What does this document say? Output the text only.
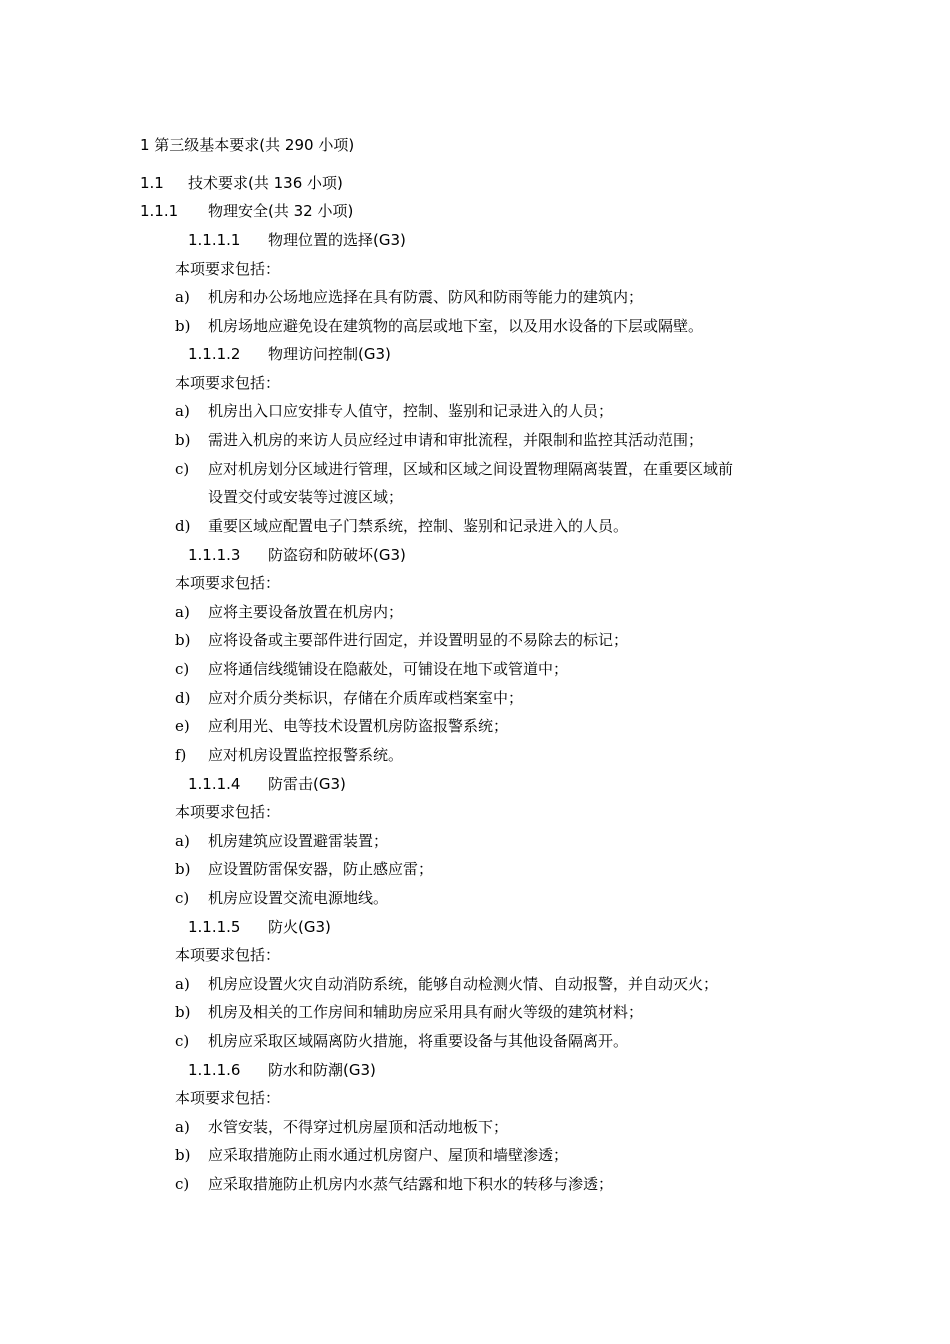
1 第三级基本要求(共 290 小项)
1.1 技术要求(共 136 小项)
1.1.1 物理安全(共 32 小项)
1.1.1.1 物理位置的选择(G3)
本项要求包括：
a) 机房和办公场地应选择在具有防震、防风和防雨等能力的建筑内；
b) 机房场地应避免设在建筑物的高层或地下室，以及用水设备的下层或隔壁。
1.1.1.2 物理访问控制(G3)
本项要求包括：
a) 机房出入口应安排专人值守，控制、鉴别和记录进入的人员；
b) 需进入机房的来访人员应经过申请和审批流程，并限制和监控其活动范围；
c) 应对机房划分区域进行管理，区域和区域之间设置物理隔离装置，在重要区域前
设置交付或安装等过渡区域；
d) 重要区域应配置电子门禁系统，控制、鉴别和记录进入的人员。
1.1.1.3 防盗窃和防破坏(G3)
本项要求包括：
a) 应将主要设备放置在机房内；
b) 应将设备或主要部件进行固定，并设置明显的不易除去的标记；
c) 应将通信线缆铺设在隐蔽处，可铺设在地下或管道中；
d) 应对介质分类标识，存储在介质库或档案室中；
e) 应利用光、电等技术设置机房防盗报警系统；
f) 应对机房设置监控报警系统。
1.1.1.4 防雷击(G3)
本项要求包括：
a) 机房建筑应设置避雷装置；
b) 应设置防雷保安器，防止感应雷；
c) 机房应设置交流电源地线。
1.1.1.5 防火(G3)
本项要求包括：
a) 机房应设置火灾自动消防系统，能够自动检测火情、自动报警，并自动灭火；
b) 机房及相关的工作房间和辅助房应采用具有耐火等级的建筑材料；
c) 机房应采取区域隔离防火措施，将重要设备与其他设备隔离开。
1.1.1.6 防水和防潮(G3)
本项要求包括：
a) 水管安装，不得穿过机房屋顶和活动地板下；
b) 应采取措施防止雨水通过机房窗户、屋顶和墙壁渗透；
c) 应采取措施防止机房内水蒸气结露和地下积水的转移与渗透；
